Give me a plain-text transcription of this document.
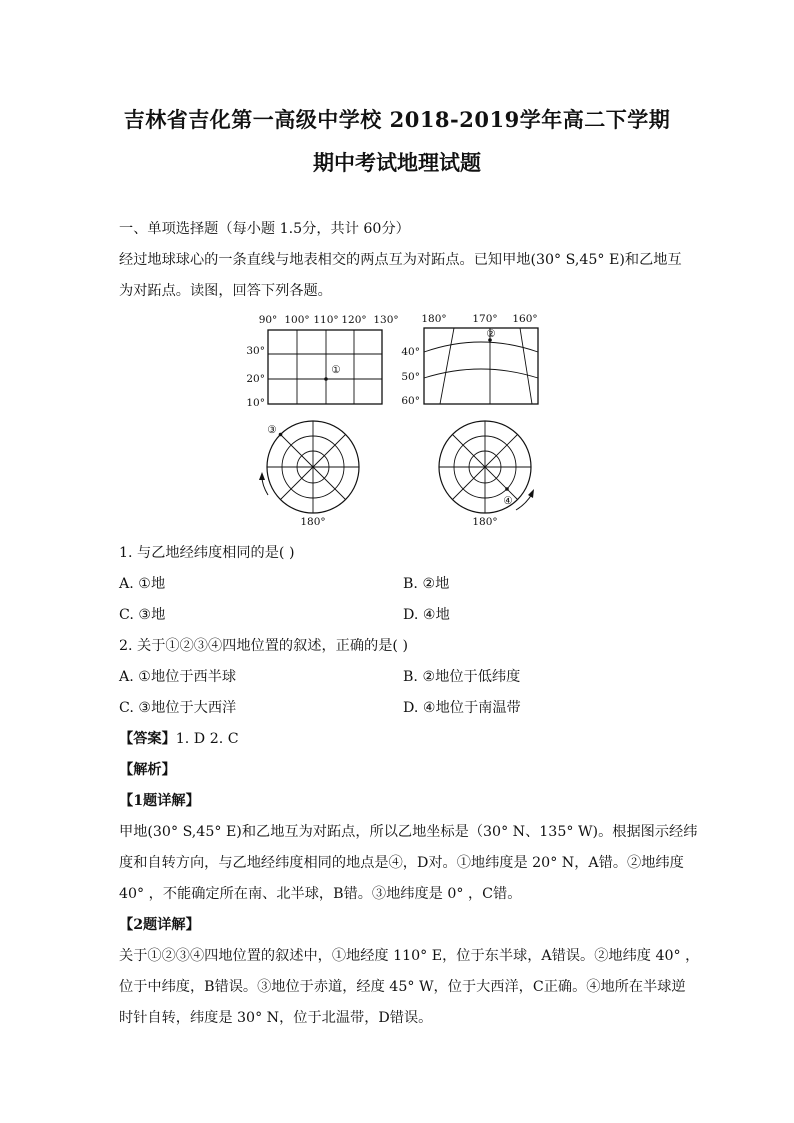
吉林省吉化第一高级中学校 2018-2019学年高二下学期
期中考试地理试题
一、单项选择题（每小题 1.5分，共计 60分）
经过地球球心的一条直线与地表相交的两点互为对跖点。已知甲地(30° S,45° E)和乙地互
为对跖点。读图，回答下列各题。
90° 100° 110° 120° 130°
30°
20°
10°
①
180° 170° 160°
40°
50°
60°
②
③
180°
④
180°
1. 与乙地经纬度相同的是( )
A. ①地	B. ②地
C. ③地	D. ④地
2. 关于①②③④四地位置的叙述，正确的是( )
A. ①地位于西半球	B. ②地位于低纬度
C. ③地位于大西洋	D. ④地位于南温带
【答案】1. D 2. C
【解析】
【1题详解】
甲地(30° S,45° E)和乙地互为对跖点，所以乙地坐标是（30° N、135° W)。根据图示经纬
度和自转方向，与乙地经纬度相同的地点是④，D对。①地纬度是 20° N，A错。②地纬度
40° ，不能确定所在南、北半球，B错。③地纬度是 0° ，C错。
【2题详解】
关于①②③④四地位置的叙述中，①地经度 110° E，位于东半球，A错误。②地纬度 40° ，
位于中纬度，B错误。③地位于赤道，经度 45° W，位于大西洋，C正确。④地所在半球逆
时针自转，纬度是 30° N，位于北温带，D错误。
